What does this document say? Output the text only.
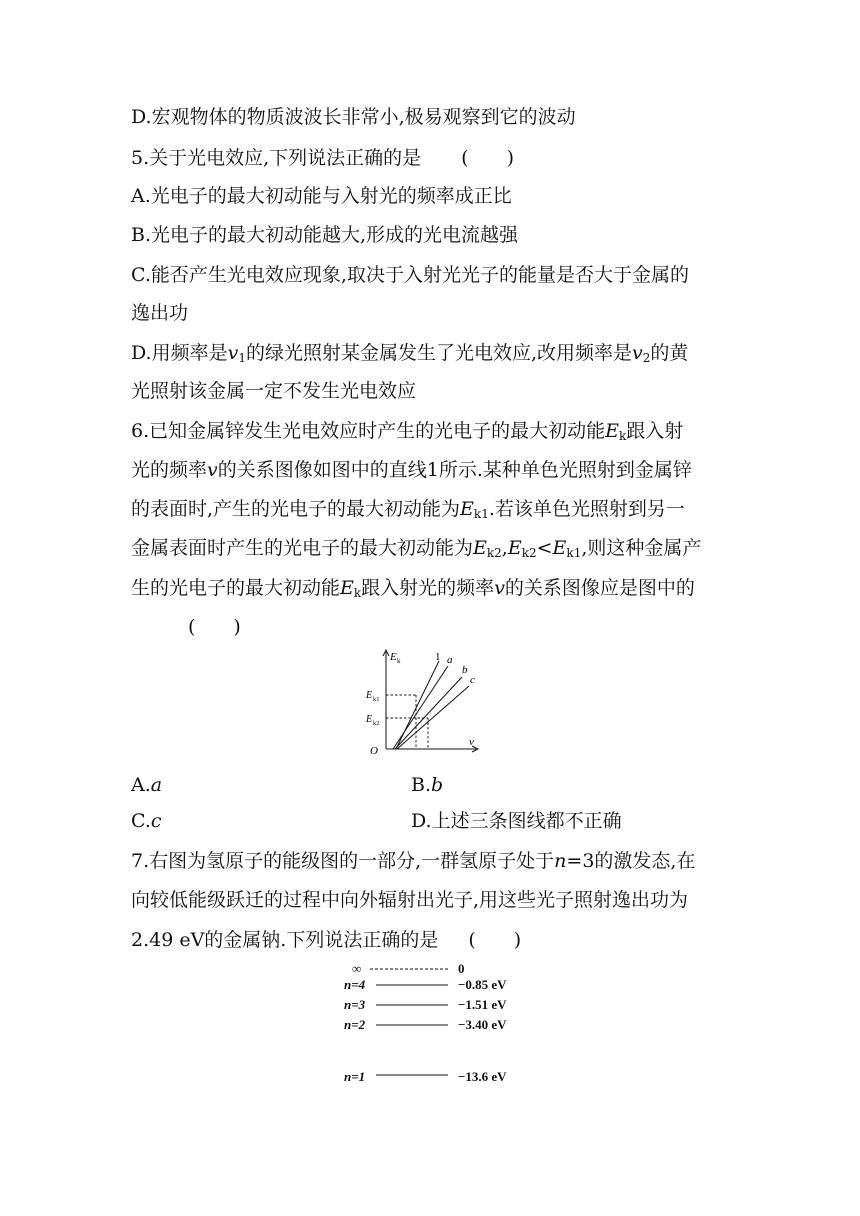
D.宏观物体的物质波波长非常小,极易观察到它的波动
5.关于光电效应,下列说法正确的是 (　　)
A.光电子的最大初动能与入射光的频率成正比
B.光电子的最大初动能越大,形成的光电流越强
C.能否产生光电效应现象,取决于入射光光子的能量是否大于金属的
逸出功
D.用频率是$v_1$的绿光照射某金属发生了光电效应,改用频率是$v_2$的黄
光照射该金属一定不发生光电效应
6.已知金属锌发生光电效应时产生的光电子的最大初动能$E_k$跟入射
光的频率v的关系图像如图中的直线1所示.某种单色光照射到金属锌
的表面时,产生的光电子的最大初动能为$E_{k1}$.若该单色光照射到另一
金属表面时产生的光电子的最大初动能为$E_{k2},E_{k2}<E_{k1}$,则这种金属产
生的光电子的最大初动能$E_k$跟入射光的频率v的关系图像应是图中的
(　　)
E k
E k1
E k2
O
v
1 a
b
c
A.a	B.b
C.c	D.上述三条图线都不正确
7.右图为氢原子的能级图的一部分,一群氢原子处于n=3的激发态,在
向较低能级跃迁的过程中向外辐射出光子,用这些光子照射逸出功为
2.49 eV的金属钠.下列说法正确的是 (　　)
∞	0
n=4	−0.85 eV
n=3	−1.51 eV
n=2	−3.40 eV
n=1	−13.6 eV
